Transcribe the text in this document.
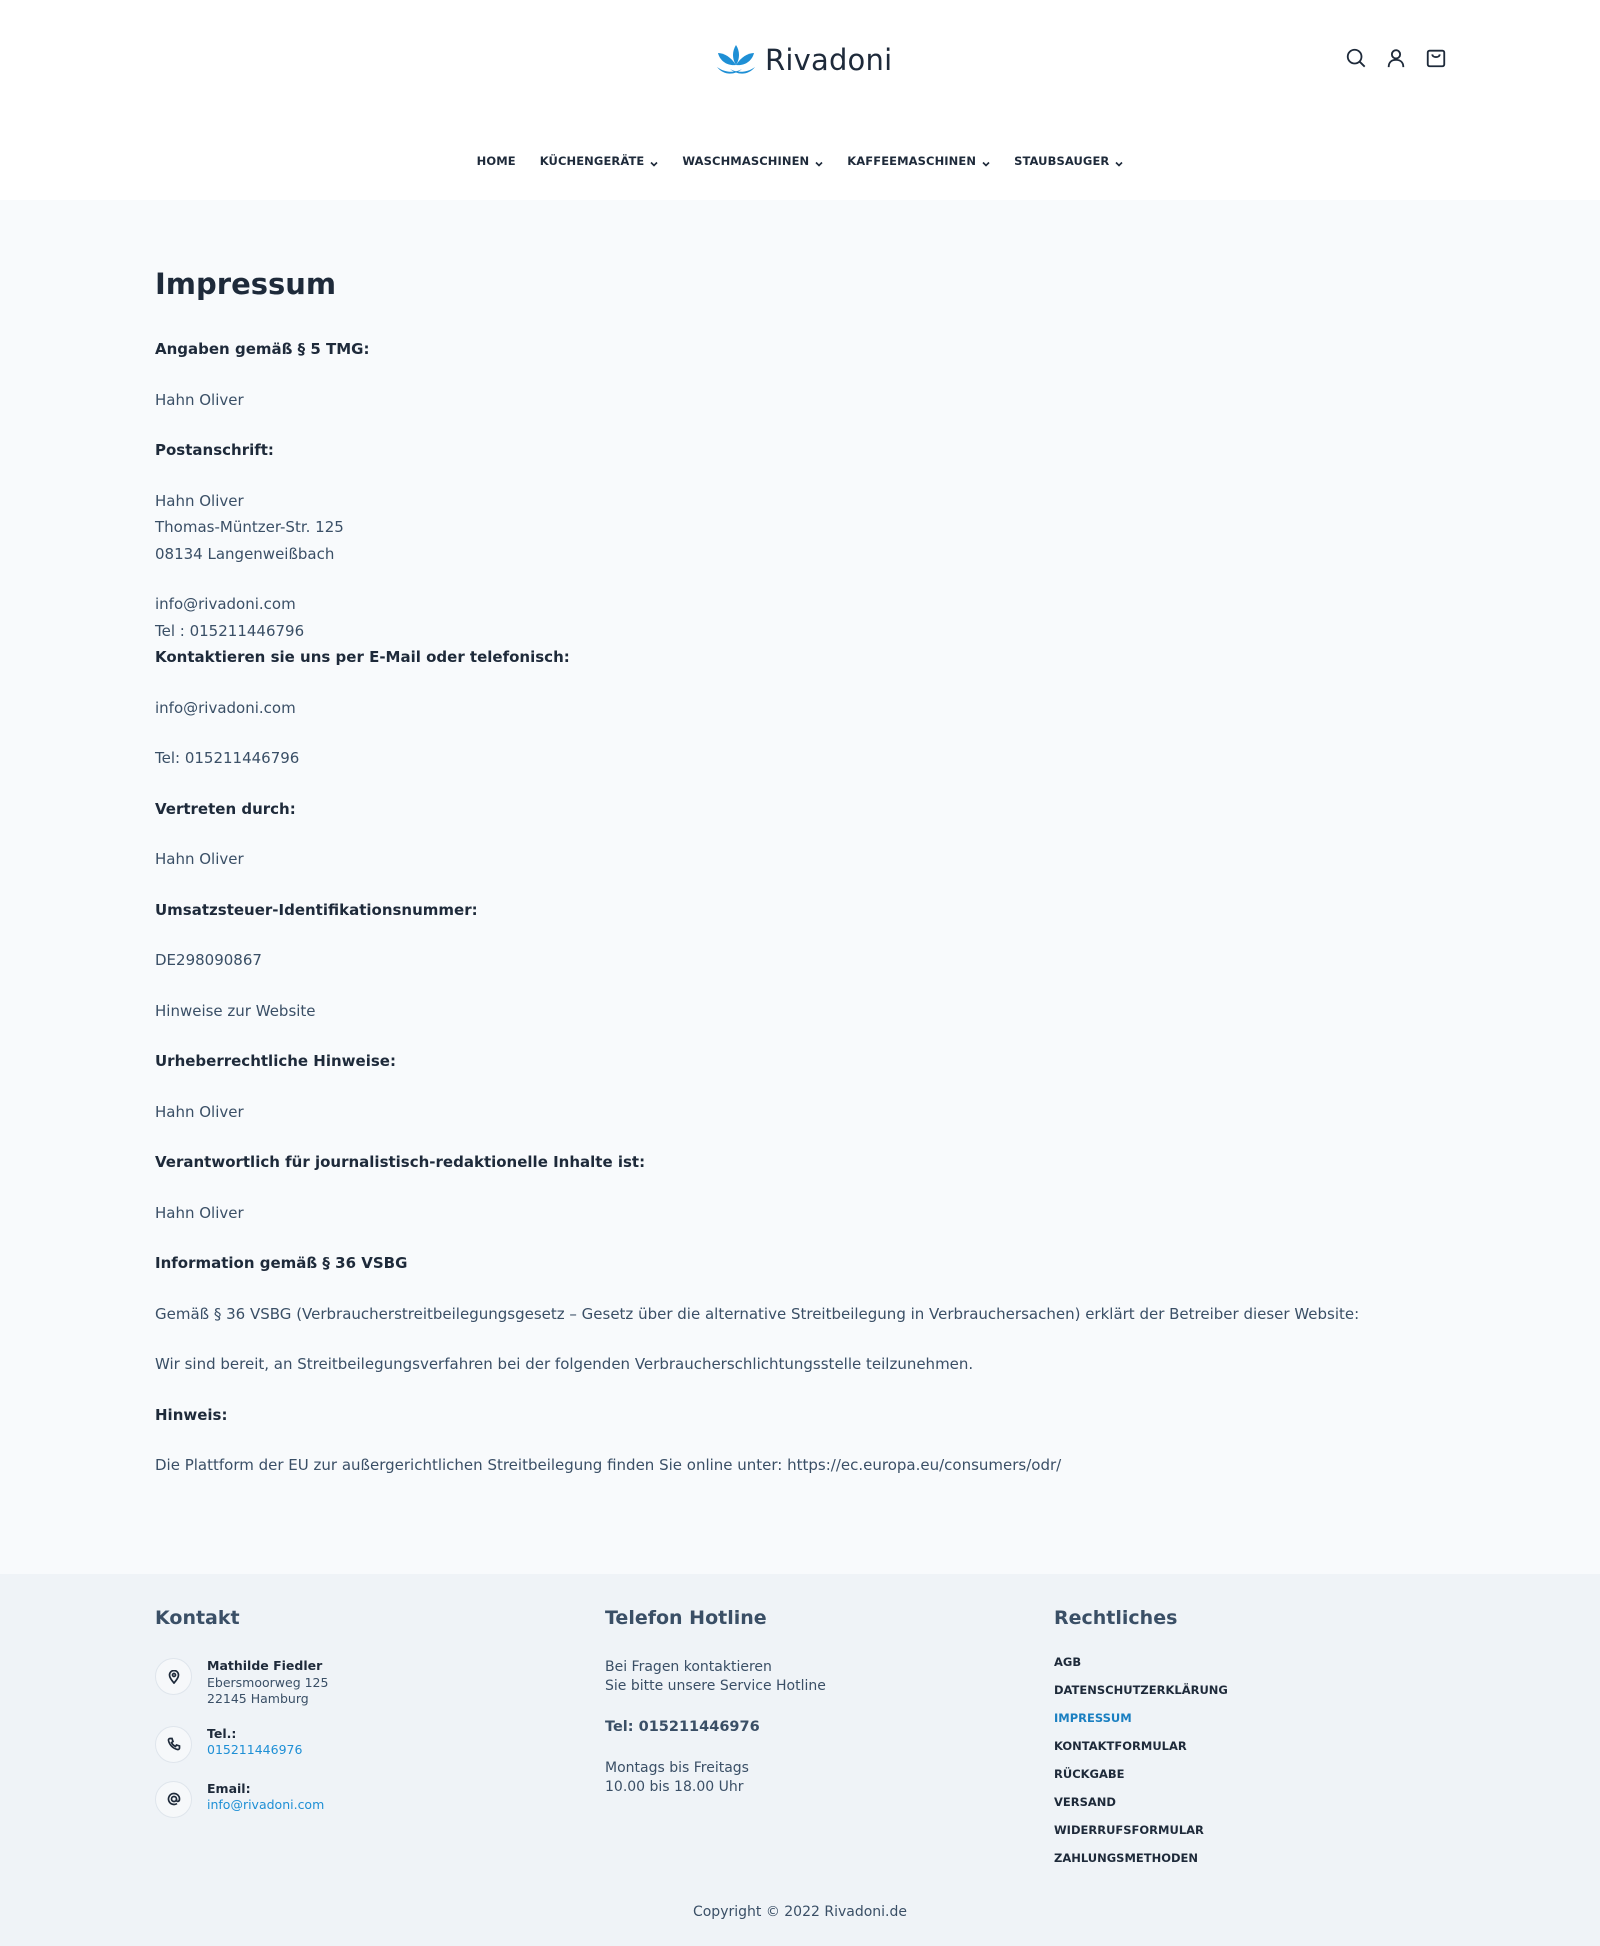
Rivadoni
HOME KÜCHENGERÄTE	WASCHMASCHINEN	KAFFEEMASCHINEN	STAUBSAUGER
Impressum
Angaben gemäß § 5 TMG:
Hahn Oliver
Postanschrift:
Hahn Oliver
Thomas-Müntzer-Str. 125
08134 Langenweißbach
info@rivadoni.com
Tel : 015211446796
Kontaktieren sie uns per E-Mail oder telefonisch:
info@rivadoni.com
Tel: 015211446796
Vertreten durch:
Hahn Oliver
Umsatzsteuer-Identifikationsnummer:
DE298090867
Hinweise zur Website
Urheberrechtliche Hinweise:
Hahn Oliver
Verantwortlich für journalistisch-redaktionelle Inhalte ist:
Hahn Oliver
Information gemäß § 36 VSBG
Gemäß § 36 VSBG (Verbraucherstreitbeilegungsgesetz – Gesetz über die alternative Streitbeilegung in Verbrauchersachen) erklärt der Betreiber dieser Website:
Wir sind bereit, an Streitbeilegungsverfahren bei der folgenden Verbraucherschlichtungsstelle teilzunehmen.
Hinweis:
Die Plattform der EU zur außergerichtlichen Streitbeilegung finden Sie online unter: https://ec.europa.eu/consumers/odr/
Kontakt
Mathilde Fiedler
Ebersmoorweg 125
22145 Hamburg
Tel.:
015211446976
Email:
info@rivadoni.com
Telefon Hotline
Bei Fragen kontaktieren
Sie bitte unsere Service Hotline
Tel: 015211446976
Montags bis Freitags
10.00 bis 18.00 Uhr
Rechtliches
AGB
DATENSCHUTZERKLÄRUNG
IMPRESSUM
KONTAKTFORMULAR
RÜCKGABE
VERSAND
WIDERRUFSFORMULAR
ZAHLUNGSMETHODEN
Copyright © 2022 Rivadoni.de
